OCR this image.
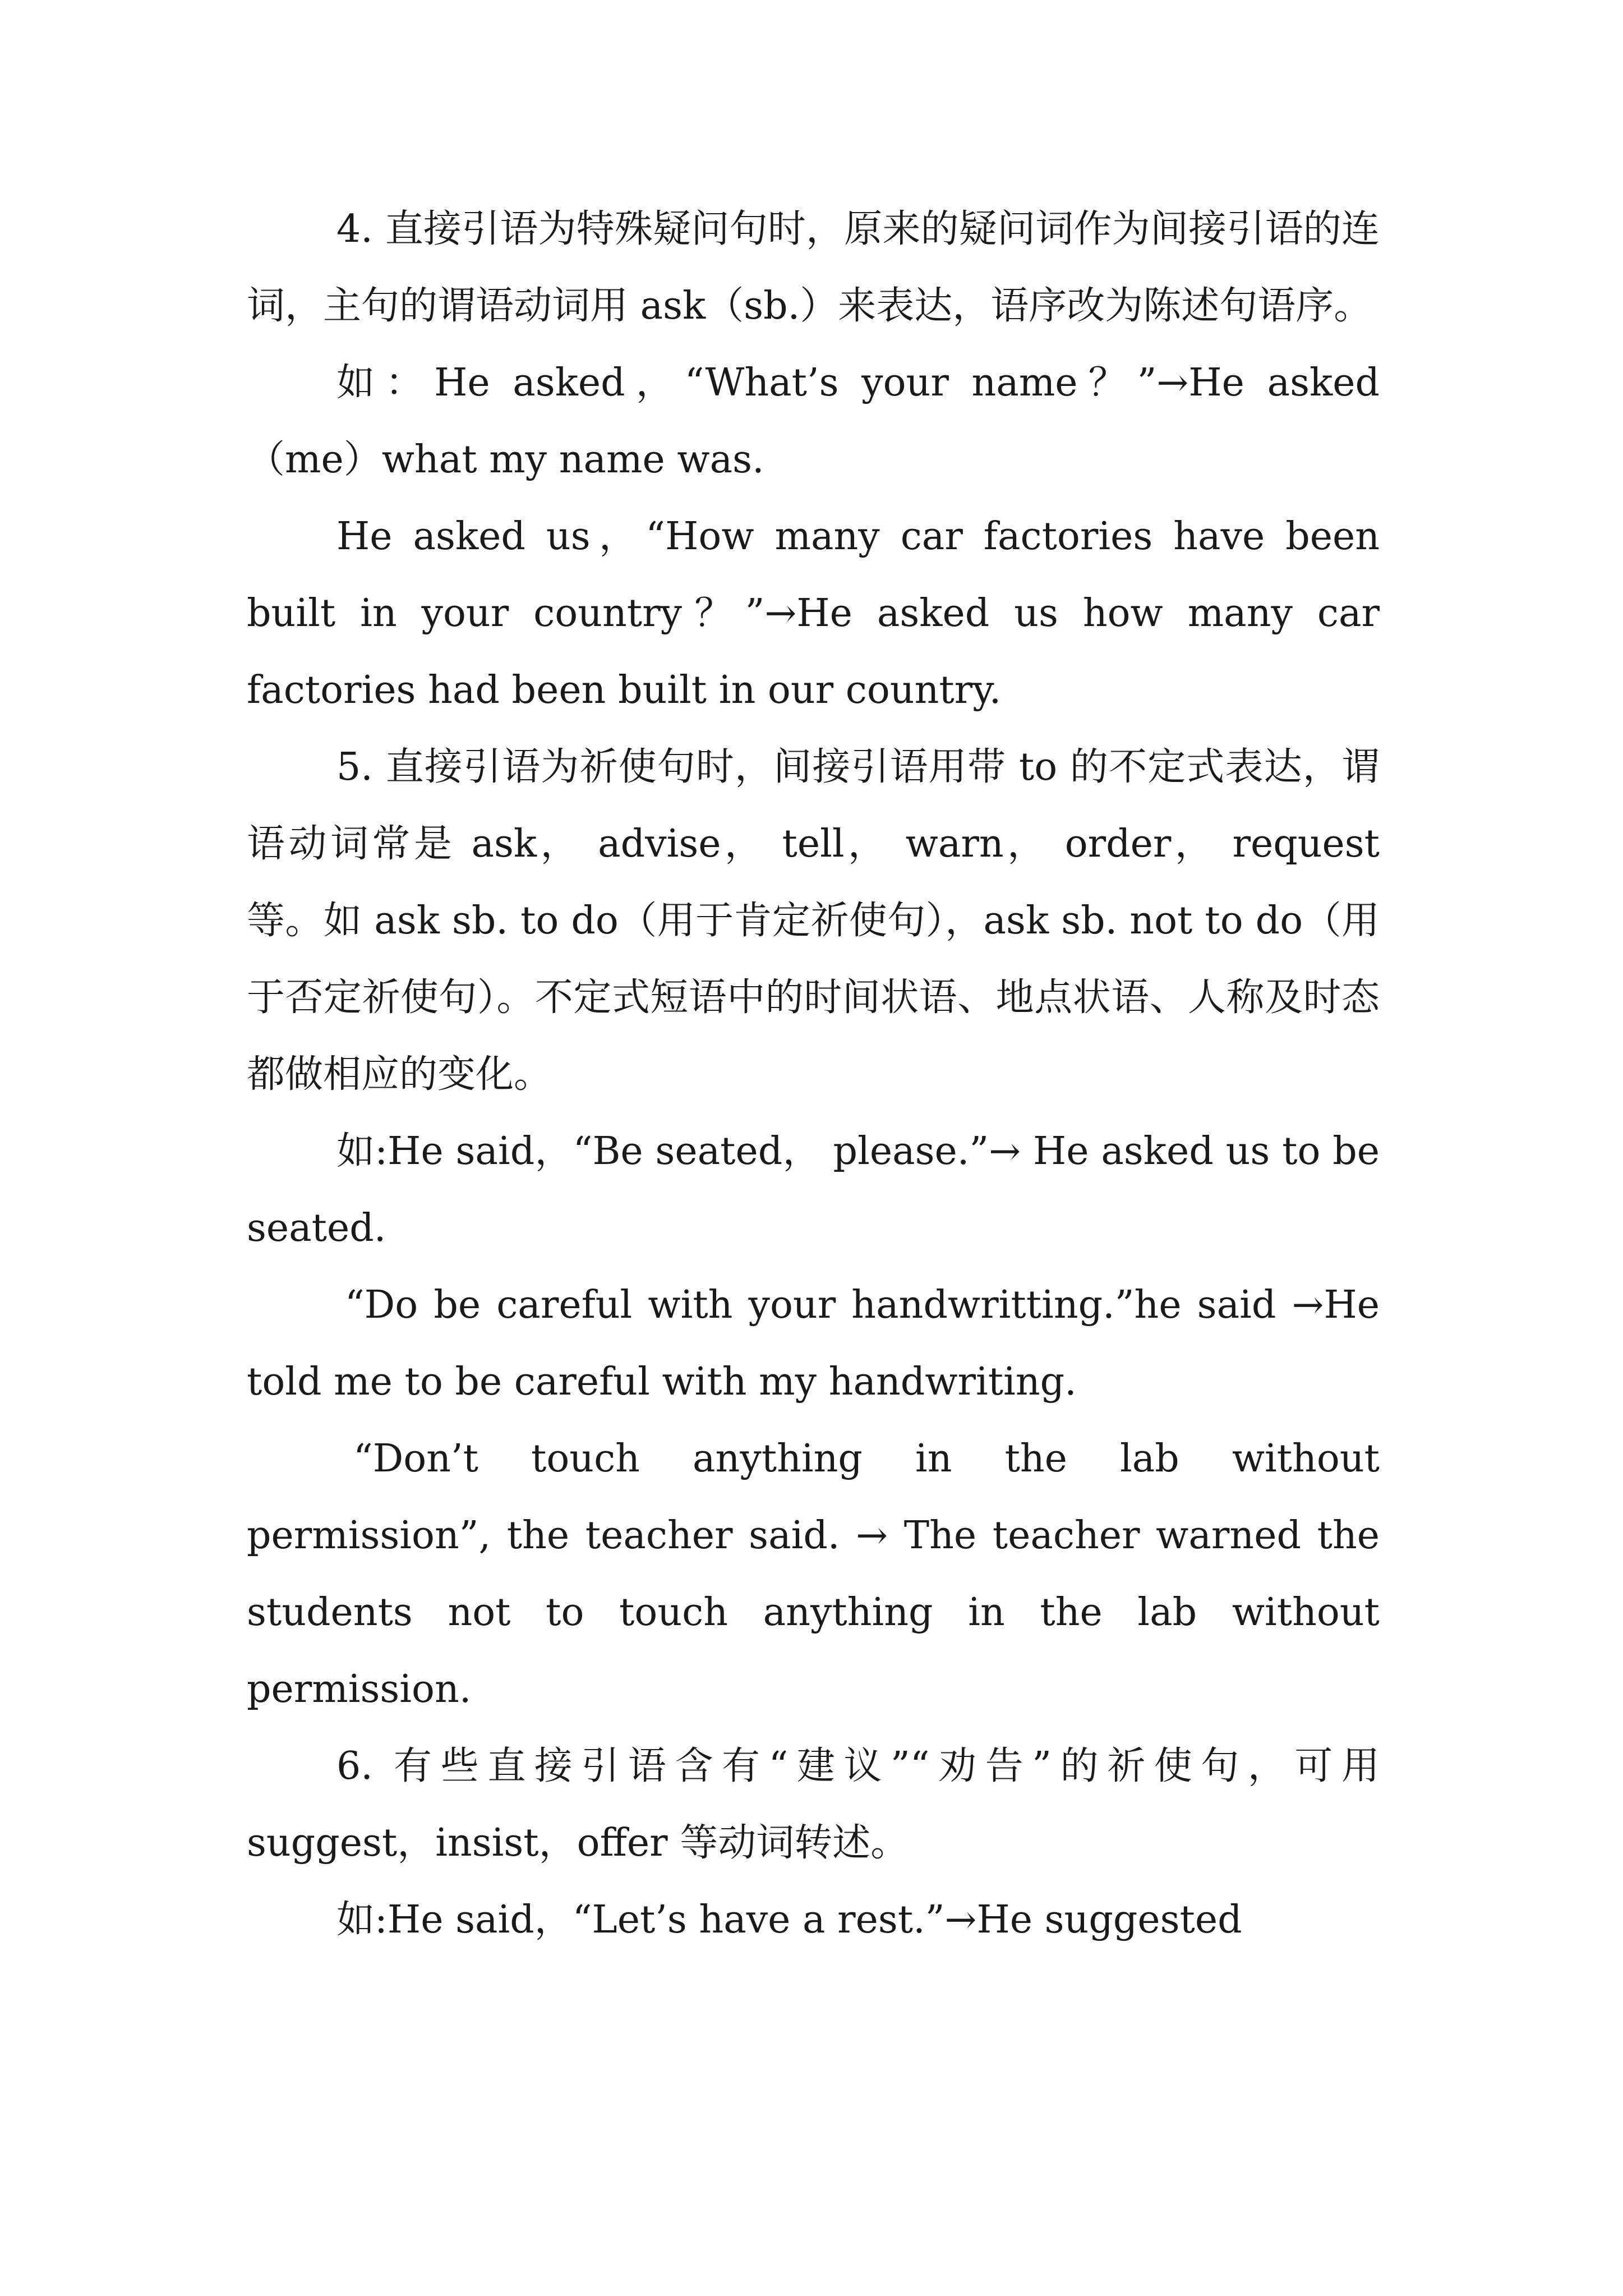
4. 直接引语为特殊疑问句时，原来的疑问词作为间接引语的连词，主句的谓语动词用 ask（sb.）来表达，语序改为陈述句语序。

如：He asked，“What’s your name？”→He asked（me）what my name was.

He asked us，“How many car factories have been built in your country？”→He asked us how many car factories had been built in our country.

5. 直接引语为祈使句时，间接引语用带 to 的不定式表达，谓语动词常是 ask， advise， tell， warn， order， request 等。如 ask sb. to do（用于肯定祈使句），ask sb. not to do（用于否定祈使句）。不定式短语中的时间状语、地点状语、人称及时态都做相应的变化。

如:He said，“Be seated， please.”→ He asked us to be seated.

“Do be careful with your handwritting.”he said →He told me to be careful with my handwriting.

“Don’t touch anything in the lab without permission”, the teacher said. → The teacher warned the students not to touch anything in the lab without permission.

6. 有些直接引语含有“建议”“劝告”的祈使句，可用 suggest，insist，offer 等动词转述。

如:He said，“Let’s have a rest.”→He suggested
